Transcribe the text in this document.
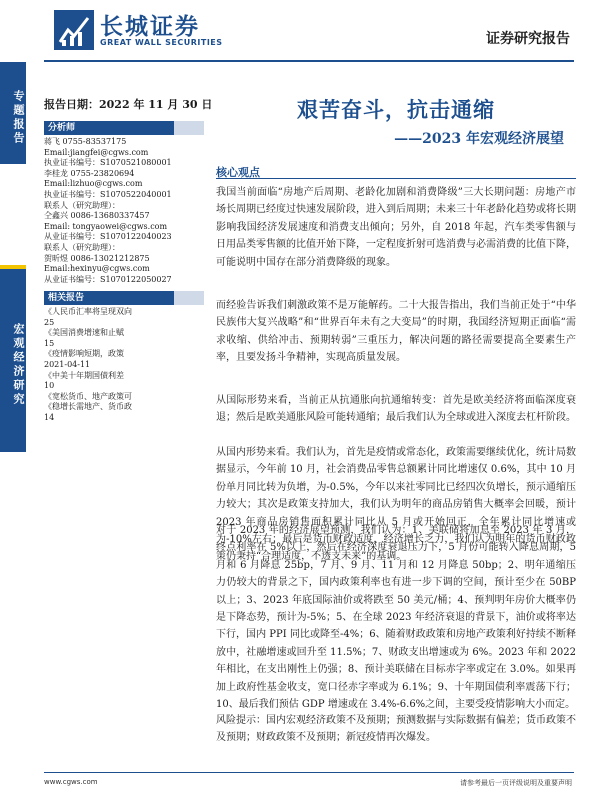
长城证券
GREAT WALL SECURITIES	证券研究报告
专题报告
宏观经济研究
报告日期：2022 年 11 月 30 日
分析师
蒋飞 0755-83537175
Email:jiangfei@cgws.com
执业证书编号：S1070521080001
李桂龙 0755-23820694
Email:lizhuo@cgws.com
执业证书编号：S1070522040001
联系人（研究助理）：
仝鑫兴 0086-13680337457
Email: tongyaowei@cgws.com
从业证书编号：S1070122040023
联系人（研究助理）：
贺昕煜 0086-13021212875
Email:hexinyu@cgws.com
从业证书编号：S1070122050027
相关报告
《人民币汇率将呈现双向
25
《美国消费增速和止赋
15
《疫情影响短期，政策
2021-04-11
《中美十年期国债利差
10
《宽松货币、地产政策可
《稳增长需地产、货币政
14
艰苦奋斗，抗击通缩
——2023 年宏观经济展望
核心观点

我国当前面临“房地产后周期、老龄化加剧和消费降级”三大长期问题：房地产市场长周期已经度过快速发展阶段，进入到后周期；未来三十年老龄化趋势或将长期影响我国经济发展速度和消费支出倾向；另外，自 2018 年起，汽车类零售额与日用品类零售额的比值开始下降，一定程度折射可选消费与必需消费的比值下降，可能说明中国存在部分消费降级的现象。

而经验告诉我们刺激政策不是万能解药。二十大报告指出，我们当前正处于“中华民族伟大复兴战略”和“世界百年未有之大变局”的时期，我国经济短期正面临“需求收缩、供给冲击、预期转弱”三重压力，解决问题的路径需要提高全要素生产率，且要发扬斗争精神，实现高质量发展。

从国际形势来看，当前正从抗通胀向抗通缩转变：首先是欧美经济将面临深度衰退；然后是欧美通胀风险可能转通缩；最后我们认为全球或进入深度去杠杆阶段。

从国内形势来看。我们认为，首先是疫情或常态化，政策需要继续优化，统计局数据显示，今年前 10 月，社会消费品零售总额累计同比增速仅 0.6%，其中 10 月份单月同比转为负增，为-0.5%，今年以来社零同比已经四次负增长，预示通缩压力较大；其次是政策支持加大，我们认为明年的商品房销售大概率会回暖，预计 2023 年商品房销售面积累计同比从 5 月或开始回正，全年累计同比增速或为-10%左右；最后是货币财政适度，经济增长乏力，我们认为明年的货币财政政策仍秉持“合理适度，不透支未来”的基调。

对于 2023 年的经济展望预测，我们认为：1、美联储将加息至 2023 年 3 月，终点利率在 5%以上，然后在经济深度衰退压力下，5 月份可能转入降息周期，5 月和 6 月降息 25bp，7 月、9 月、11 月和 12 月降息 50bp；2、明年通缩压力仍较大的背景之下，国内政策利率也有进一步下调的空间，预计至少在 50BP 以上；3、2023 年底国际油价或将跌至 50 美元/桶；4、预判明年房价大概率仍是下降态势，预计为-5%；5、在全球 2023 年经济衰退的背景下，油价或将率达下行，国内 PPI 同比或降至-4%；6、随着财政政策和房地产政策利好持续不断释放中，社融增速或回升至 11.5%；7、财政支出增速或为 6%。2023 年和 2022 年相比，在支出刚性上仍强；8、预计美联储在目标赤字率或定在 3.0%。如果再加上政府性基金收支，宽口径赤字率或为 6.1%；9、十年期国债利率震荡下行；10、最后我们预估 GDP 增速或在 3.4%-6.6%之间，主要受疫情影响大小而定。

风险提示：国内宏观经济政策不及预期；预测数据与实际数据有偏差；货币政策不及预期；财政政策不及预期；新冠疫情再次爆发。

www.cgws.com	请参考最后一页评级说明及重要声明
